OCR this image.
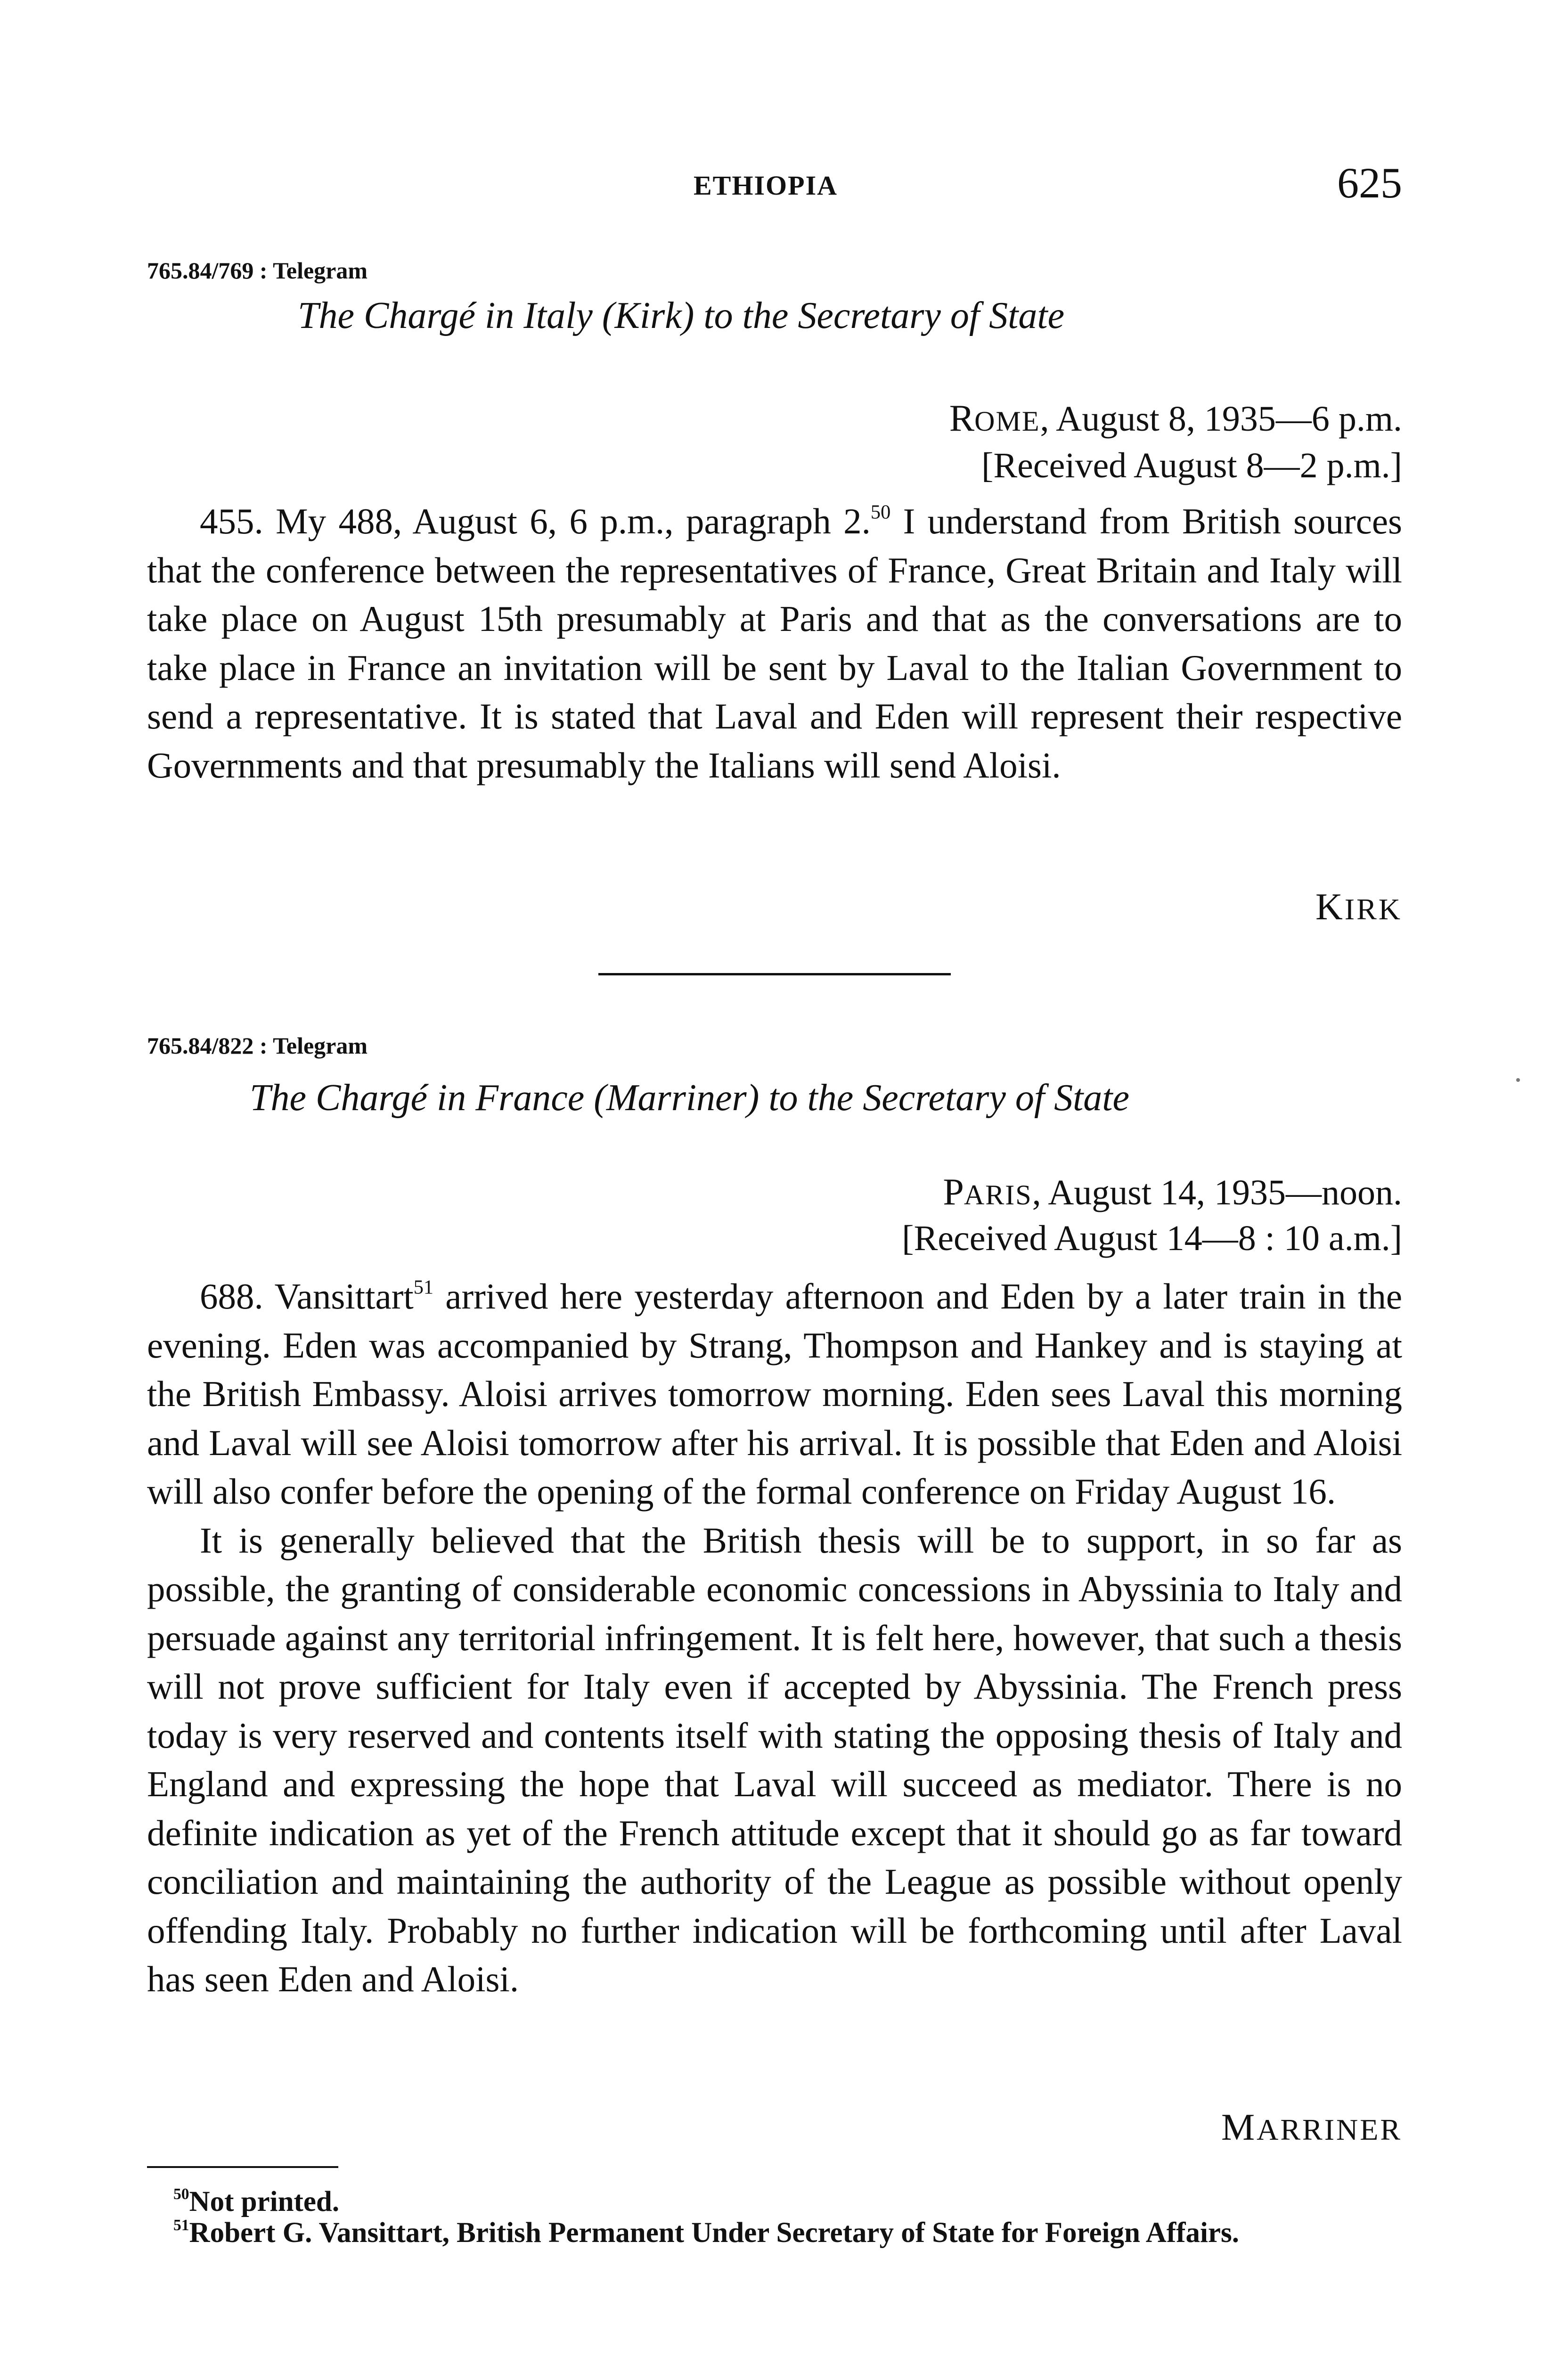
ETHIOPIA	625
765.84/769 : Telegram
The Chargé in Italy (Kirk) to the Secretary of State
ROME, August 8, 1935—6 p.m.
[Received August 8—2 p.m.]

455. My 488, August 6, 6 p.m., paragraph 2.50 I understand from British sources that the conference between the representatives of France, Great Britain and Italy will take place on August 15th presumably at Paris and that as the conversations are to take place in France an invitation will be sent by Laval to the Italian Government to send a representative. It is stated that Laval and Eden will represent their respective Governments and that presumably the Italians will send Aloisi.

KIRK
765.84/822 : Telegram
The Chargé in France (Marriner) to the Secretary of State
PARIS, August 14, 1935—noon.
[Received August 14—8 : 10 a.m.]

688. Vansittart$^{51}$ arrived here yesterday afternoon and Eden by a later train in the evening. Eden was accompanied by Strang, Thompson and Hankey and is staying at the British Embassy. Aloisi arrives tomorrow morning. Eden sees Laval this morning and Laval will see Aloisi tomorrow after his arrival. It is possible that Eden and Aloisi will also confer before the opening of the formal conference on Friday August 16.

It is generally believed that the British thesis will be to support, in so far as possible, the granting of considerable economic concessions in Abyssinia to Italy and persuade against any territorial infringement. It is felt here, however, that such a thesis will not prove sufficient for Italy even if accepted by Abyssinia. The French press today is very reserved and contents itself with stating the opposing thesis of Italy and England and expressing the hope that Laval will succeed as mediator. There is no definite indication as yet of the French attitude except that it should go as far toward conciliation and maintaining the authority of the League as possible without openly offending Italy. Probably no further indication will be forthcoming until after Laval has seen Eden and Aloisi.

MARRINER

$^{50}$Not printed.

$^{51}$Robert G. Vansittart, British Permanent Under Secretary of State for Foreign Affairs.
